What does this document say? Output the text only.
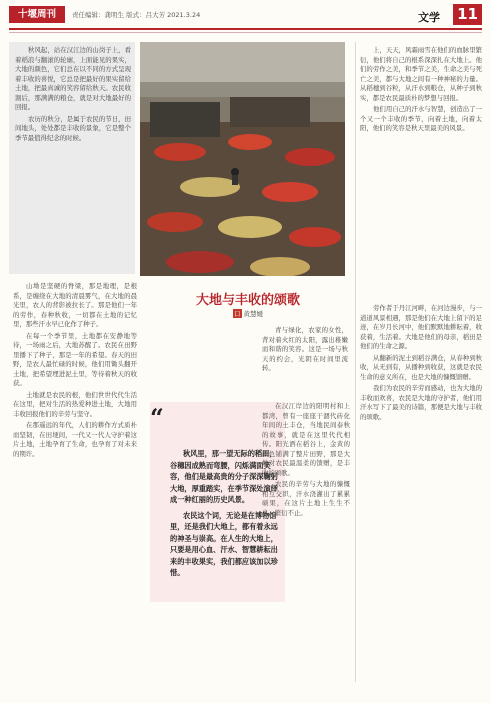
十堰周刊	责任编辑：龚明生 版式：吕大芳 2021.3.24	文学 11

秋风起，站在汉江边的山岗子上，看着稻浪与翻滚的轮廓，上面能见的果实，大地的颜色，它们总在以不同的方式呈现着丰收的喜悦，它总是把最好的果实留给土地，把最真诚的笑容留给秋天。农民收割后，那满满的粮仓，就是对大地最好的回报。

农历的秋分，是属于农民的节日，田间地头，处处都是丰收的景象，它是整个季节最值得纪念的时候。

山坳是坚硬的脊梁，那是地理，是根系，是缠绕在大地的清晨雾气，在大地的晨光里，农人的背影被拉长了。那是他们一年的劳作，春种秋收，一切都在土地的记忆里，那些汗水早已化作了种子。

在每一个季节里，土地都在安静地等待，一场雨之后，大地苏醒了。农民在田野里播下了种子，那是一年的希望。春天的田野，是农人最忙碌的时候，他们用锄头翻开土地，把希望埋进泥土里，等待着秋天的收获。

土地就是农民的根，他们世世代代生活在这里，把对生活的热爱种进土地，大地用丰收回报他们的辛劳与坚守。

在那遥远的年代，人们的耕作方式质朴而坚韧，在田埂间，一代又一代人守护着这片土地，土地孕育了生命，也孕育了对未来的期许。

大地与丰收的颂歌
口 黄慧媛

青与绿化，农家的女性，背对着火红的太阳，露出稚嫩而和谐的笑容。这是一场与秋天的约会，光阴在时间里流转。

“

秋风里，那一望无际的稻田，谷穗因成熟而弯腰，闪烁满面笑容，他们是最高贵的分子深深鞠躬大地，厚重踏实，在季节深处演绎成一种红丽的历史风景。

农民这个词，无论是在博物馆里，还是我们大地上，都有着永远的神圣与崇高。在人生的大地上，只要是用心血、汗水、智慧耕耘出来的丰收果实，我们都应该加以珍惜。

在汉江岸边的阳明村和上都湾，曾有一座座干涸代砖化年间的土丰仓，当地民间泰秋的故事，就是在这里代代相传。阳光洒在稻谷上，金黄的颜色铺满了整片田野，那是大地对农民最温柔的馈赠，是丰收的颂歌。

农民的辛劳与大地的慷慨相互交织，汗水浇灌出了累累硕果，在这片土地上生生不息，繁衍不止。

上，天天，风霜雨雪在他们的血脉里繁衍，他们将自己的根系深深扎在大地上。他们的劳作之美，和季节之美，生命之美与死亡之美，都与大地之间有一种神秘的力量。从稻穗到谷粒，从汗水到粮仓，从种子到秋实，都是农民最质朴的梦想与回报。

他们用自己的汗水与智慧，创造出了一个又一个丰收的季节，向着土地，向着太阳，他们的笑容是秋天里最美的风景。

劳作者于丹江河畔，在河边漫步，与一道道风景相遇，那是他们在大地上留下的足迹，在岁月长河中，他们默默地耕耘着，收获着，生活着。大地是他们的母亲，稻田是他们的生命之源。

从翻新的泥土到稻谷满仓，从春种到秋收，从无到有，从播种到收获，这就是农民生命的意义所在，也是大地的慷慨馈赠。

我们为农民的辛劳而感动，也为大地的丰收而欢喜，农民是大地的守护者，他们用汗水写下了最美的诗篇，那便是大地与丰收的颂歌。
